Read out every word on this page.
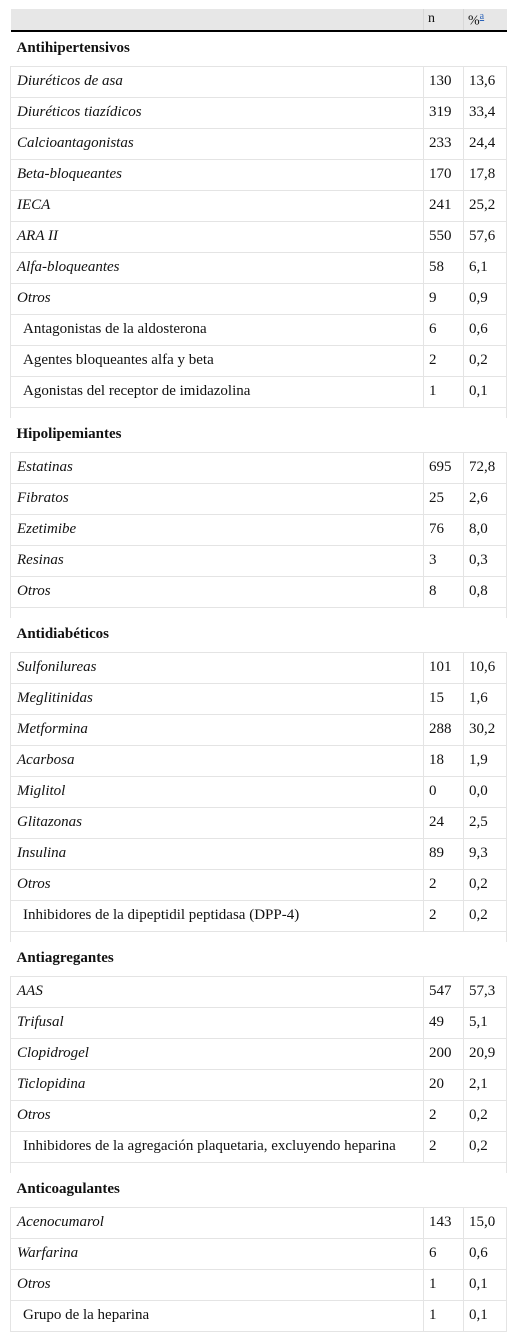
	n	%$^a$
Antihipertensivos		
Diuréticos de asa	130	13,6
Diuréticos tiazídicos	319	33,4
Calcioantagonistas	233	24,4
Beta-bloqueantes	170	17,8
IECA	241	25,2
ARA II	550	57,6
Alfa-bloqueantes	58	6,1
Otros	9	0,9
Antagonistas de la aldosterona	6	0,6
Agentes bloqueantes alfa y beta	2	0,2
Agonistas del receptor de imidazolina	1	0,1

Hipolipemiantes		
Estatinas	695	72,8
Fibratos	25	2,6
Ezetimibe	76	8,0
Resinas	3	0,3
Otros	8	0,8

Antidiabéticos		
Sulfonilureas	101	10,6
Meglitinidas	15	1,6
Metformina	288	30,2
Acarbosa	18	1,9
Miglitol	0	0,0
Glitazonas	24	2,5
Insulina	89	9,3
Otros	2	0,2
Inhibidores de la dipeptidil peptidasa (DPP-4)	2	0,2

Antiagregantes		
AAS	547	57,3
Trifusal	49	5,1
Clopidrogel	200	20,9
Ticlopidina	20	2,1
Otros	2	0,2
Inhibidores de la agregación plaquetaria, excluyendo heparina	2	0,2

Anticoagulantes		
Acenocumarol	143	15,0
Warfarina	6	0,6
Otros	1	0,1
Grupo de la heparina	1	0,1
